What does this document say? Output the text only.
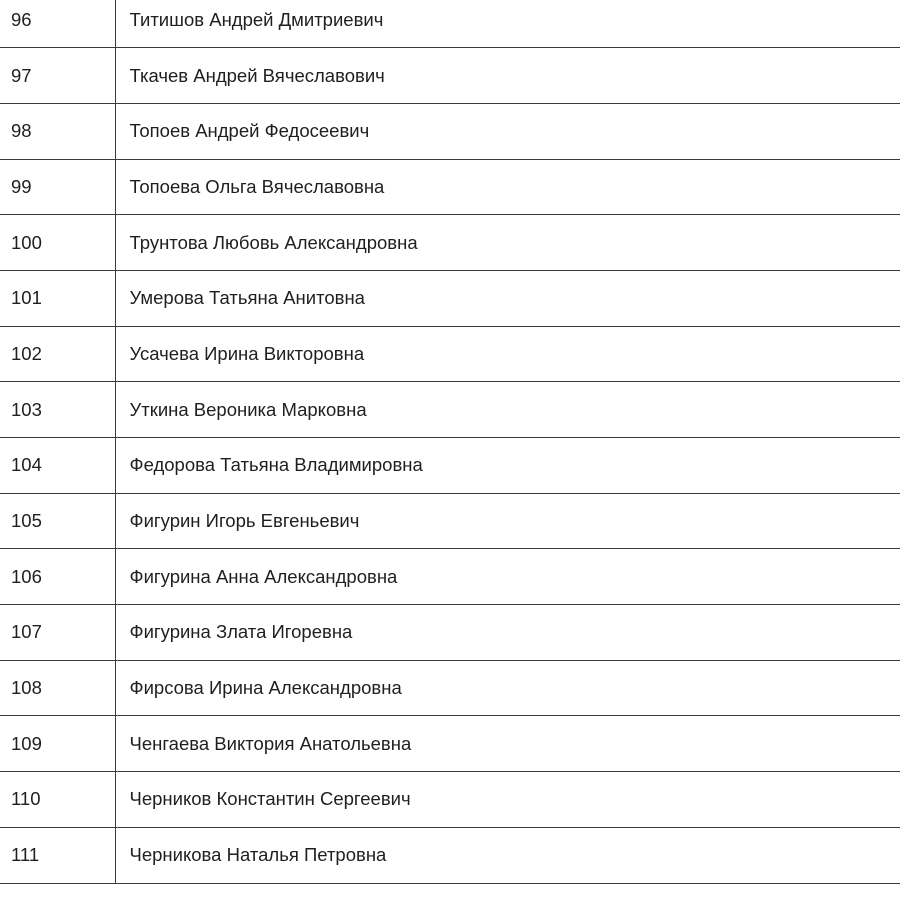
96	Титишов Андрей Дмитриевич
97	Ткачев Андрей Вячеславович
98	Топоев Андрей Федосеевич
99	Топоева Ольга Вячеславовна
100	Трунтова Любовь Александровна
101	Умерова Татьяна Анитовна
102	Усачева Ирина Викторовна
103	Уткина Вероника Марковна
104	Федорова Татьяна Владимировна
105	Фигурин Игорь Евгеньевич
106	Фигурина Анна Александровна
107	Фигурина Злата Игоревна
108	Фирсова Ирина Александровна
109	Ченгаева Виктория Анатольевна
110	Черников Константин Сергеевич
111	Черникова Наталья Петровна
